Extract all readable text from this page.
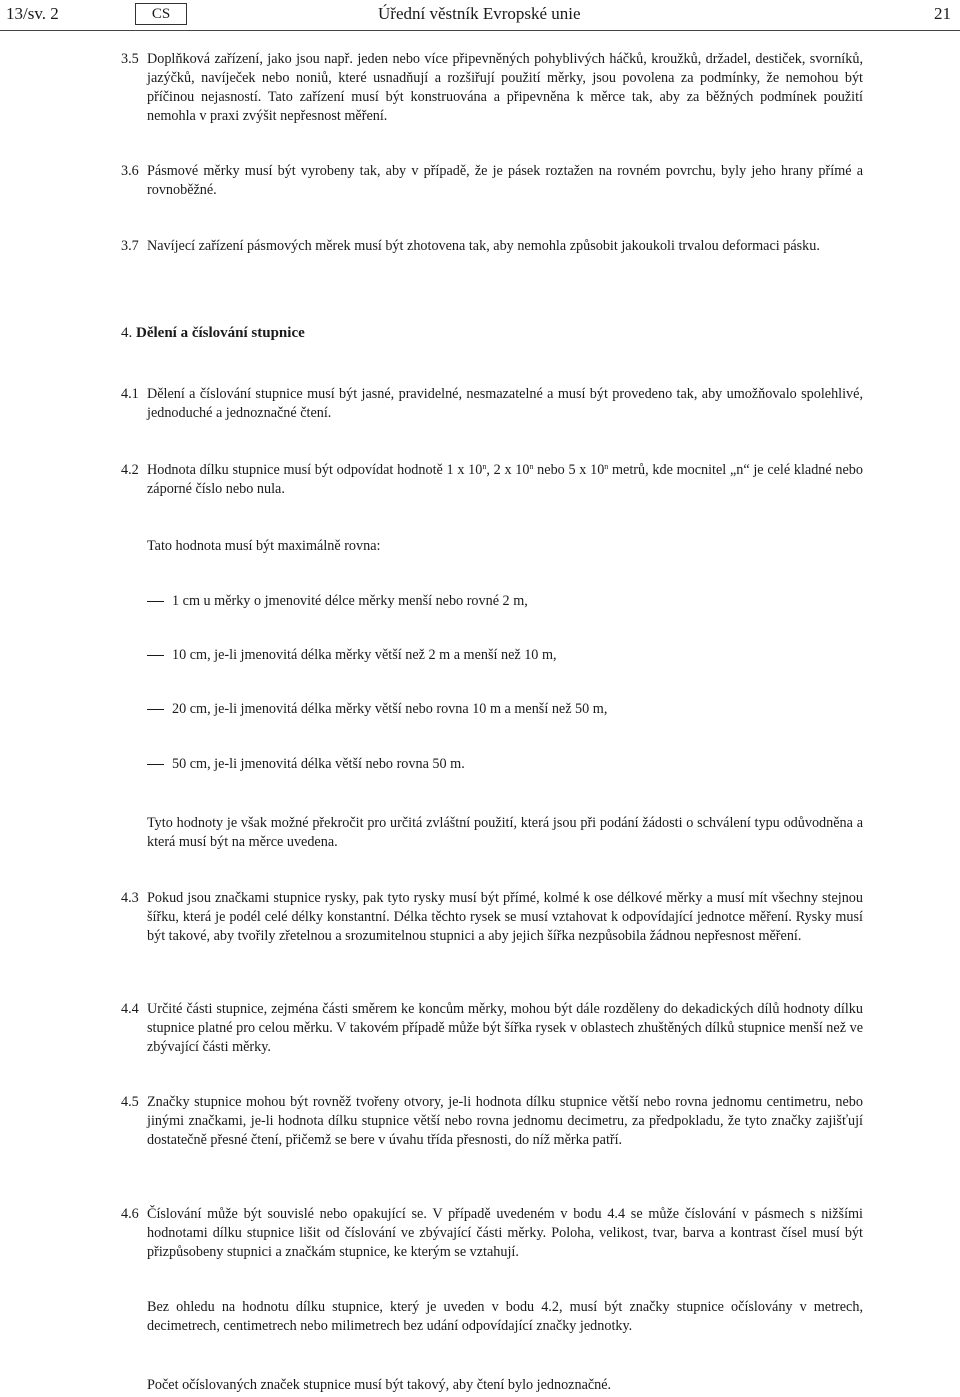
13/sv. 2	CS	Úřední věstník Evropské unie	21
3.5 Doplňková zařízení, jako jsou např. jeden nebo více připevněných pohyblivých háčků, kroužků, držadel, destiček, svorníků, jazýčků, navíječek nebo noniů, které usnadňují a rozšiřují použití měrky, jsou povolena za podmínky, že nemohou být příčinou nejasností. Tato zařízení musí být konstruována a připevněna k měrce tak, aby za běžných podmínek použití nemohla v praxi zvýšit nepřesnost měření.
3.6 Pásmové měrky musí být vyrobeny tak, aby v případě, že je pásek roztažen na rovném povrchu, byly jeho hrany přímé a rovnoběžné.
3.7 Navíjecí zařízení pásmových měrek musí být zhotovena tak, aby nemohla způsobit jakoukoli trvalou deformaci pásku.
4. Dělení a číslování stupnice
4.1 Dělení a číslování stupnice musí být jasné, pravidelné, nesmazatelné a musí být provedeno tak, aby umožňovalo spolehlivé, jednoduché a jednoznačné čtení.
4.2 Hodnota dílku stupnice musí být odpovídat hodnotě 1 x 10$^n$, 2 x 10$^n$ nebo 5 x 10$^n$ metrů, kde mocnitel „n“ je celé kladné nebo záporné číslo nebo nula.
Tato hodnota musí být maximálně rovna:
1 cm u měrky o jmenovité délce měrky menší nebo rovné 2 m,
10 cm, je-li jmenovitá délka měrky větší než 2 m a menší než 10 m,
20 cm, je-li jmenovitá délka měrky větší nebo rovna 10 m a menší než 50 m,
50 cm, je-li jmenovitá délka větší nebo rovna 50 m.
Tyto hodnoty je však možné překročit pro určitá zvláštní použití, která jsou při podání žádosti o schválení typu odůvodněna a která musí být na měrce uvedena.
4.3 Pokud jsou značkami stupnice rysky, pak tyto rysky musí být přímé, kolmé k ose délkové měrky a musí mít všechny stejnou šířku, která je podél celé délky konstantní. Délka těchto rysek se musí vztahovat k odpovídající jednotce měření. Rysky musí být takové, aby tvořily zřetelnou a srozumitelnou stupnici a aby jejich šířka nezpůsobila žádnou nepřesnost měření.
4.4 Určité části stupnice, zejména části směrem ke koncům měrky, mohou být dále rozděleny do dekadických dílů hodnoty dílku stupnice platné pro celou měrku. V takovém případě může být šířka rysek v oblastech zhuštěných dílků stupnice menší než ve zbývající části měrky.
4.5 Značky stupnice mohou být rovněž tvořeny otvory, je-li hodnota dílku stupnice větší nebo rovna jednomu centimetru, nebo jinými značkami, je-li hodnota dílku stupnice větší nebo rovna jednomu decimetru, za předpokladu, že tyto značky zajišťují dostatečně přesné čtení, přičemž se bere v úvahu třída přesnosti, do níž měrka patří.
4.6 Číslování může být souvislé nebo opakující se. V případě uvedeném v bodu 4.4 se může číslování v pásmech s nižšími hodnotami dílku stupnice lišit od číslování ve zbývající části měrky. Poloha, velikost, tvar, barva a kontrast čísel musí být přizpůsobeny stupnici a značkám stupnice, ke kterým se vztahují.
Bez ohledu na hodnotu dílku stupnice, který je uveden v bodu 4.2, musí být značky stupnice očíslovány v metrech, decimetrech, centimetrech nebo milimetrech bez udání odpovídající značky jednotky.
Počet očíslovaných značek stupnice musí být takový, aby čtení bylo jednoznačné.
